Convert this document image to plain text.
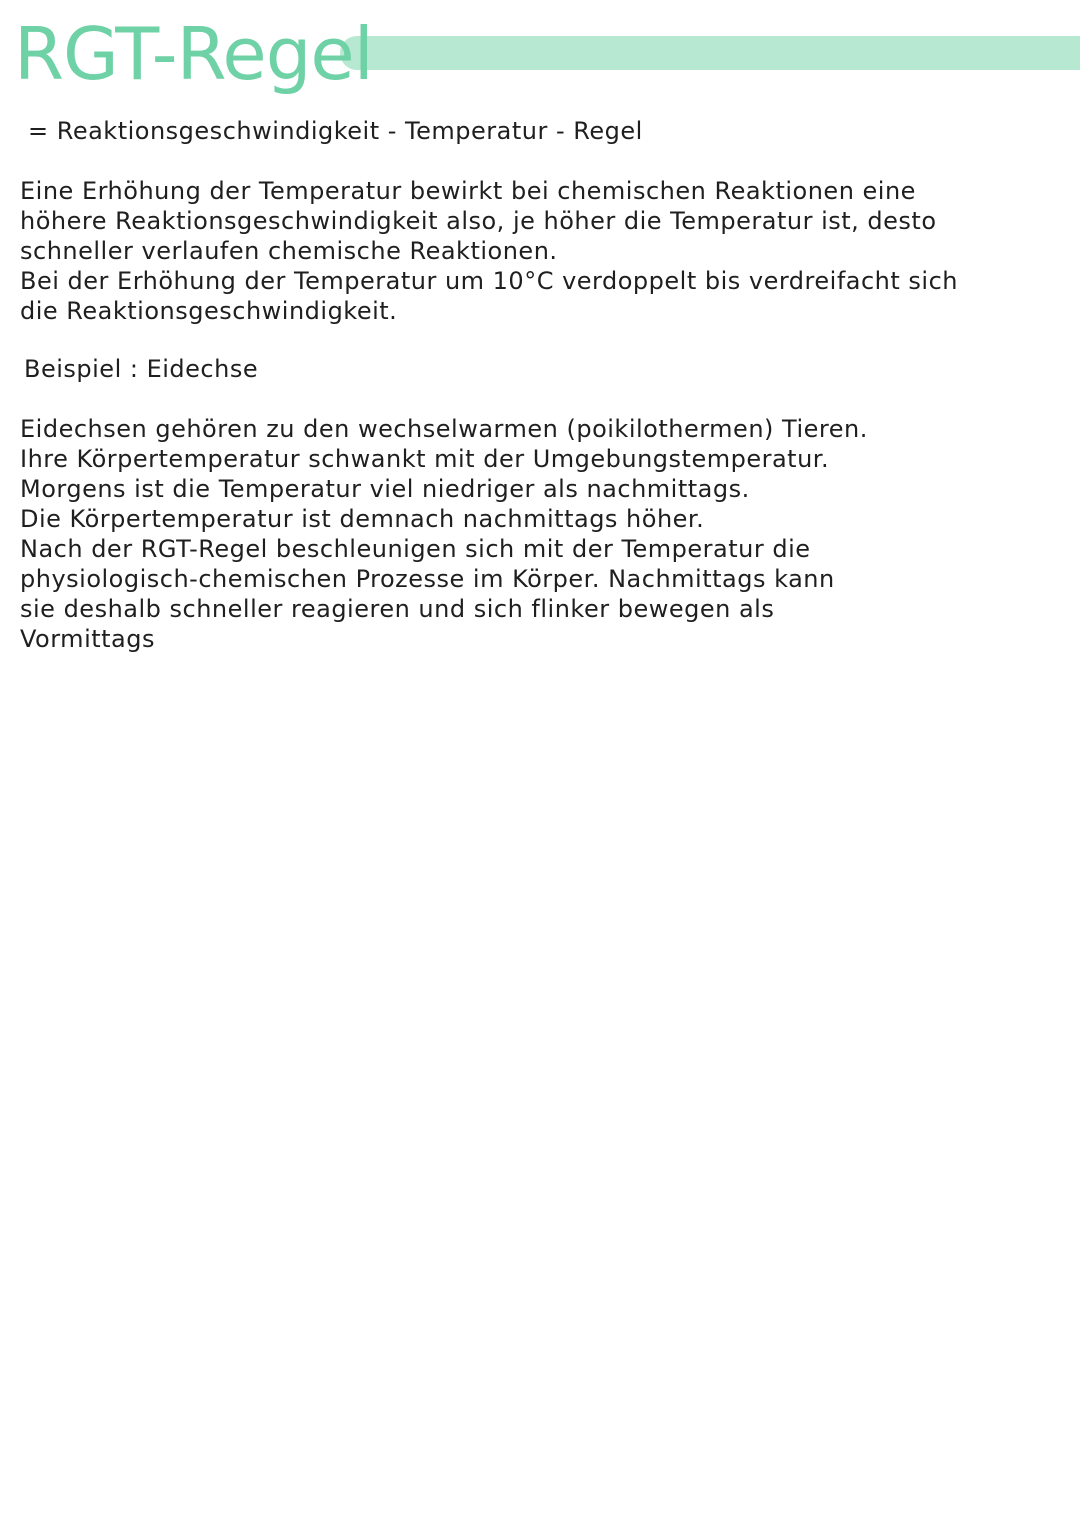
RGT-Regel
= Reaktionsgeschwindigkeit - Temperatur - Regel
Eine Erhöhung der Temperatur bewirkt bei chemischen Reaktionen eine
höhere Reaktionsgeschwindigkeit also, je höher die Temperatur ist, desto
schneller verlaufen chemische Reaktionen.
Bei der Erhöhung der Temperatur um 10°C verdoppelt bis verdreifacht sich
die Reaktionsgeschwindigkeit.
Beispiel : Eidechse
Eidechsen gehören zu den wechselwarmen (poikilothermen) Tieren.
Ihre Körpertemperatur schwankt mit der Umgebungstemperatur.
Morgens ist die Temperatur viel niedriger als nachmittags.
Die Körpertemperatur ist demnach nachmittags höher.
Nach der RGT-Regel beschleunigen sich mit der Temperatur die
physiologisch-chemischen Prozesse im Körper. Nachmittags kann
sie deshalb schneller reagieren und sich flinker bewegen als
Vormittags
